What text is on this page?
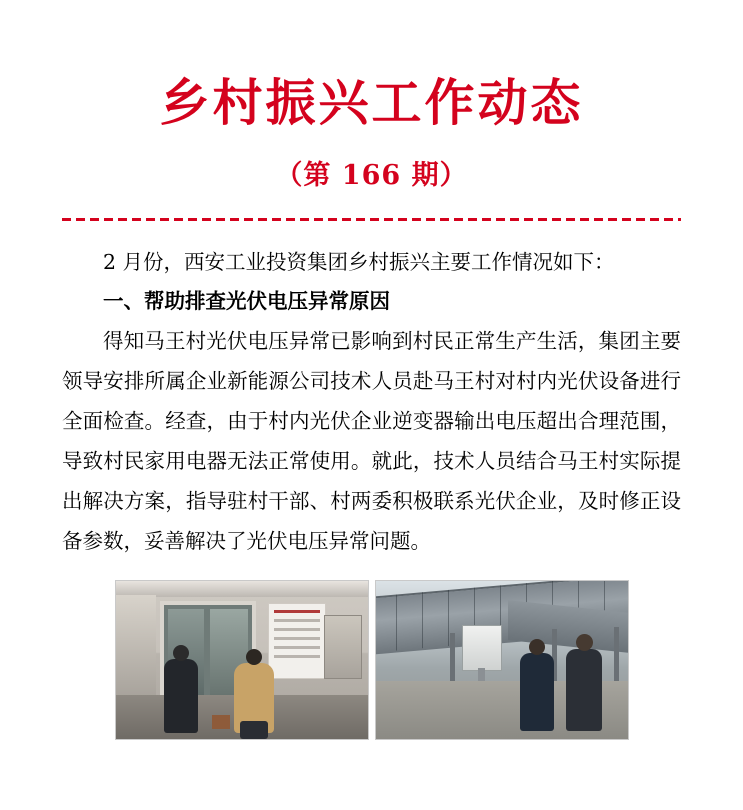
乡村振兴工作动态
（第 166 期）

2 月份，西安工业投资集团乡村振兴主要工作情况如下：

一、帮助排查光伏电压异常原因

得知马王村光伏电压异常已影响到村民正常生产生活，集团主要领导安排所属企业新能源公司技术人员赴马王村对村内光伏设备进行全面检查。经查，由于村内光伏企业逆变器输出电压超出合理范围，导致村民家用电器无法正常使用。就此，技术人员结合马王村实际提出解决方案，指导驻村干部、村两委积极联系光伏企业，及时修正设备参数，妥善解决了光伏电压异常问题。
